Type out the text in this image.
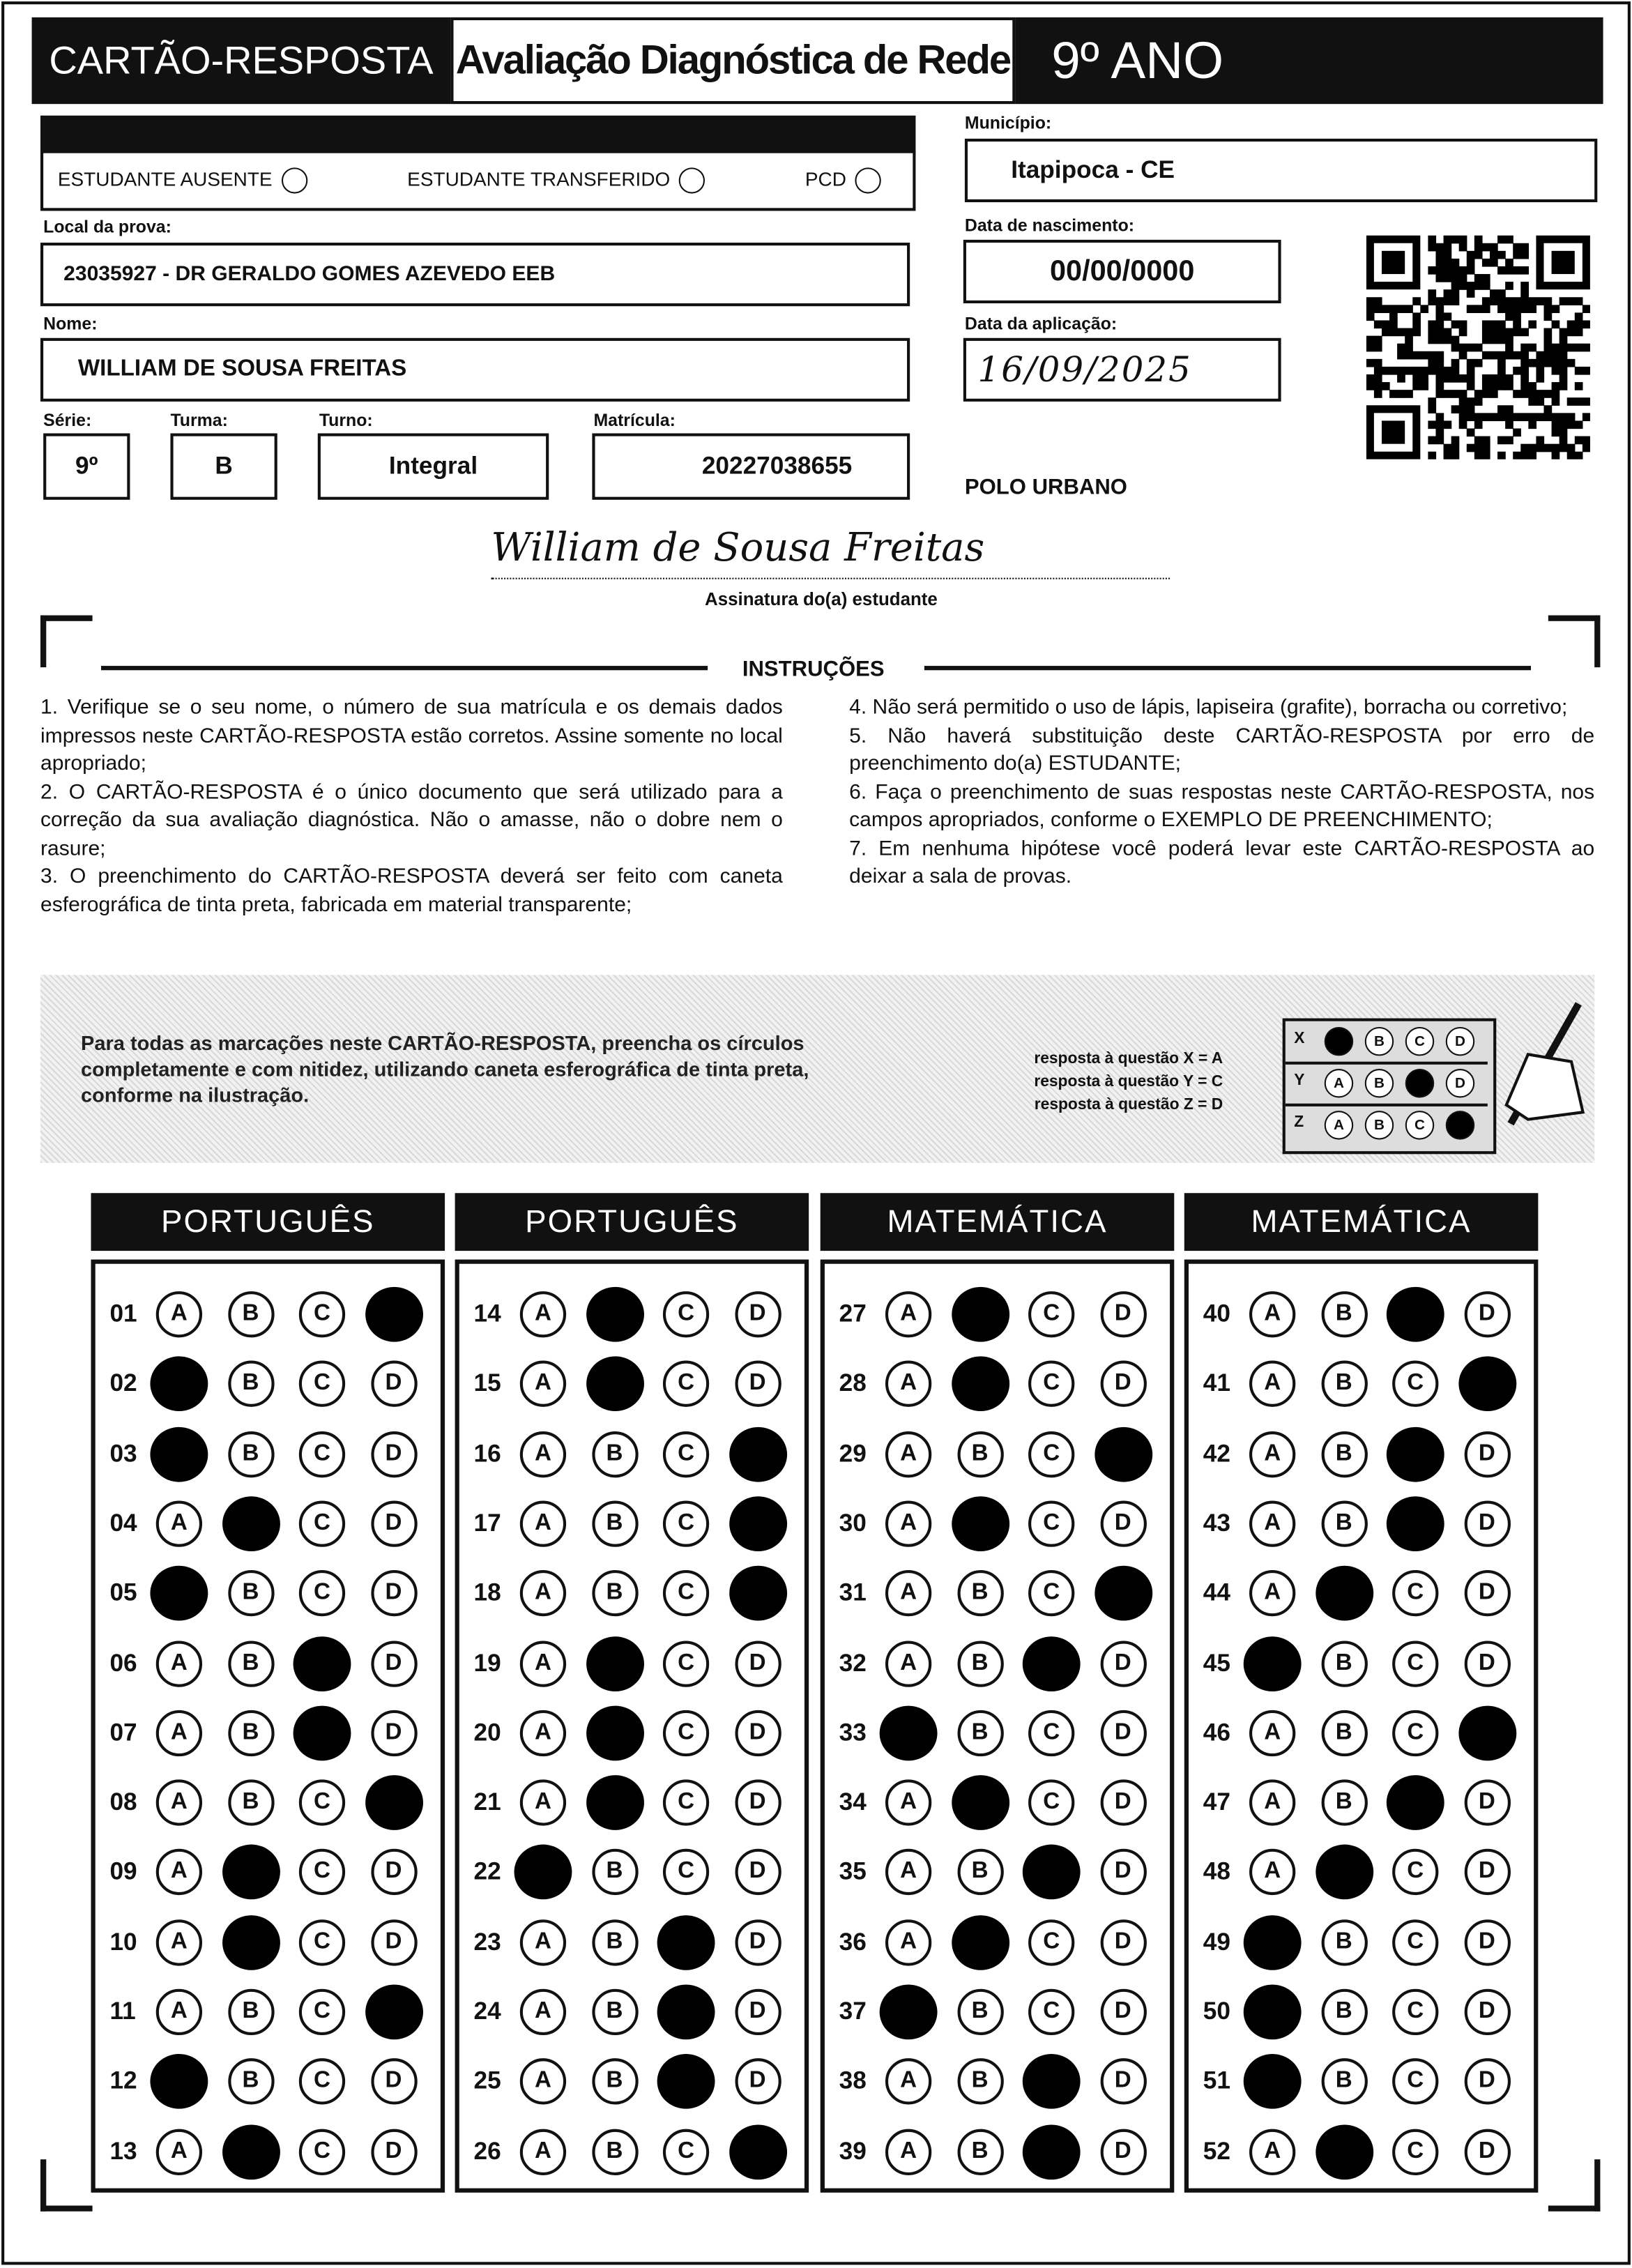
CARTÃO-RESPOSTA	Avaliação Diagnóstica de Rede	9º ANO
ESTUDANTE AUSENTE	ESTUDANTE TRANSFERIDO	PCD
Município:
Itapipoca - CE
Local da prova:
23035927 - DR GERALDO GOMES AZEVEDO EEB
Data de nascimento:
00/00/0000
Nome:
WILLIAM DE SOUSA FREITAS
Data da aplicação:
16/09/2025
Série:
9º
Turma:
B
Turno:
Integral
Matrícula:
20227038655
POLO URBANO
William de Sousa Freitas
Assinatura do(a) estudante
INSTRUÇÕES
1. Verifique se o seu nome, o número de sua matrícula e os demais dados impressos neste CARTÃO-RESPOSTA estão corretos. Assine somente no local apropriado;
2. O CARTÃO-RESPOSTA é o único documento que será utilizado para a correção da sua avaliação diagnóstica. Não o amasse, não o dobre nem o rasure;
3. O preenchimento do CARTÃO-RESPOSTA deverá ser feito com caneta esferográfica de tinta preta, fabricada em material transparente;
4. Não será permitido o uso de lápis, lapiseira (grafite), borracha ou corretivo;
5. Não haverá substituição deste CARTÃO-RESPOSTA por erro de preenchimento do(a) ESTUDANTE;
6. Faça o preenchimento de suas respostas neste CARTÃO-RESPOSTA, nos campos apropriados, conforme o EXEMPLO DE PREENCHIMENTO;
7. Em nenhuma hipótese você poderá levar este CARTÃO-RESPOSTA ao deixar a sala de provas.
Para todas as marcações neste CARTÃO-RESPOSTA, preencha os círculos completamente e com nitidez, utilizando caneta esferográfica de tinta preta, conforme na ilustração.
resposta à questão X = A
resposta à questão Y = C
resposta à questão Z = D
X	B	C	D
Y	A	B	D
Z	A	B	C
PORTUGUÊS
01	A	B	C
02	B	C	D
03	B	C	D
04	A	C	D
05	B	C	D
06	A	B	D
07	A	B	D
08	A	B	C
09	A	C	D
10	A	C	D
11	A	B	C
12	B	C	D
13	A	C	D
PORTUGUÊS
14	A	C	D
15	A	C	D
16	A	B	C
17	A	B	C
18	A	B	C
19	A	C	D
20	A	C	D
21	A	C	D
22	B	C	D
23	A	B	D
24	A	B	D
25	A	B	D
26	A	B	C
MATEMÁTICA
27	A	C	D
28	A	C	D
29	A	B	C
30	A	C	D
31	A	B	C
32	A	B	D
33	B	C	D
34	A	C	D
35	A	B	D
36	A	C	D
37	B	C	D
38	A	B	D
39	A	B	D
MATEMÁTICA
40	A	B	D
41	A	B	C
42	A	B	D
43	A	B	D
44	A	C	D
45	B	C	D
46	A	B	C
47	A	B	D
48	A	C	D
49	B	C	D
50	B	C	D
51	B	C	D
52	A	C	D
